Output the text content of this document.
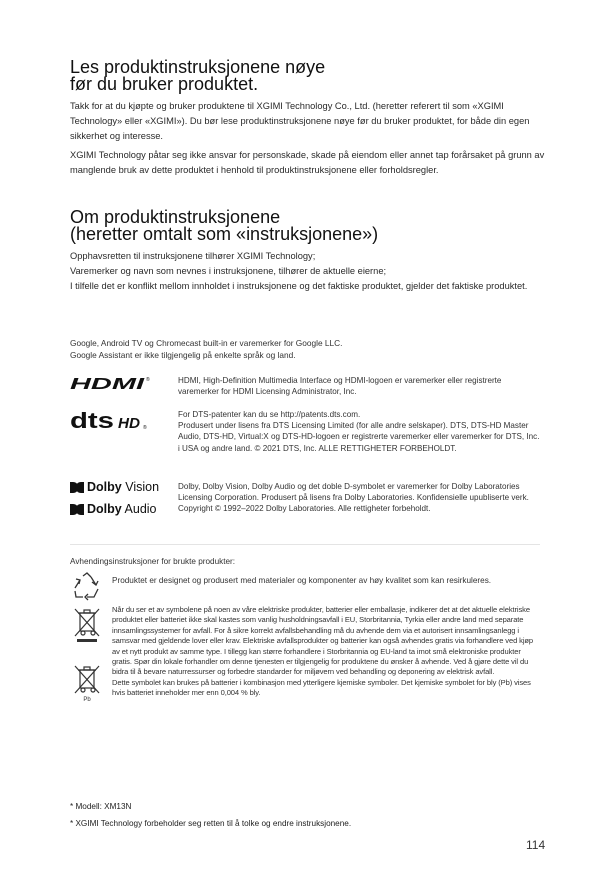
Les produktinstruksjonene nøye
før du bruker produktet.

Takk for at du kjøpte og bruker produktene til XGIMI Technology Co., Ltd. (heretter referert til som «XGIMI Technology» eller «XGIMI»). Du bør lese produktinstruksjonene nøye før du bruker produktet, for både din egen sikkerhet og interesse.

XGIMI Technology påtar seg ikke ansvar for personskade, skade på eiendom eller annet tap forårsaket på grunn av manglende bruk av dette produktet i henhold til produktinstruksjonene eller forholdsregler.

Om produktinstruksjonene
(heretter omtalt som «instruksjonene»)

Opphavsretten til instruksjonene tilhører XGIMI Technology;
Varemerker og navn som nevnes i instruksjonene, tilhører de aktuelle eierne;
I tilfelle det er konflikt mellom innholdet i instruksjonene og det faktiske produktet, gjelder det faktiske produktet.

Google, Android TV og Chromecast built-in er varemerker for Google LLC.
Google Assistant er ikke tilgjengelig på enkelte språk og land.
HDMI ®	HDMI, High-Definition Multimedia Interface og HDMI-logoen er varemerker eller registrerte varemerker for HDMI Licensing Administrator, Inc.
dts HD ®
For DTS-patenter kan du se http://patents.dts.com.
Produsert under lisens fra DTS Licensing Limited (for alle andre selskaper). DTS, DTS-HD Master Audio, DTS-HD, Virtual:X og DTS-HD-logoen er registrerte varemerker eller varemerker for DTS, Inc. i USA og andre land. © 2021 DTS, Inc. ALLE RETTIGHETER FORBEHOLDT.
Dolby Vision
Dolby Audio
Dolby, Dolby Vision, Dolby Audio og det doble D-symbolet er varemerker for Dolby Laboratories Licensing Corporation. Produsert på lisens fra Dolby Laboratories. Konfidensielle upubliserte verk. Copyright © 1992–2022 Dolby Laboratories. Alle rettigheter forbeholdt.
Avhendingsinstruksjoner for brukte produkter:
Produktet er designet og produsert med materialer og komponenter av høy kvalitet som kan resirkuleres.
Pb
Når du ser et av symbolene på noen av våre elektriske produkter, batterier eller emballasje, indikerer det at det aktuelle elektriske produktet eller batteriet ikke skal kastes som vanlig husholdningsavfall i EU, Storbritannia, Tyrkia eller andre land med separate innsamlingssystemer for avfall. For å sikre korrekt avfallsbehandling må du avhende dem via et autorisert innsamlingsanlegg i samsvar med gjeldende lover eller krav. Elektriske avfallsprodukter og batterier kan også avhendes gratis via forhandlere ved kjøp av et nytt produkt av samme type. I tillegg kan større forhandlere i Storbritannia og EU-land ta imot små elektroniske produkter gratis. Spør din lokale forhandler om denne tjenesten er tilgjengelig for produktene du ønsker å avhende. Ved å gjøre dette vil du bidra til å bevare naturressurser og forbedre standarder for miljøvern ved behandling og deponering av elektrisk avfall.
Dette symbolet kan brukes på batterier i kombinasjon med ytterligere kjemiske symboler. Det kjemiske symbolet for bly (Pb) vises hvis batteriet inneholder mer enn 0,004 % bly.
* Modell: XM13N
* XGIMI Technology forbeholder seg retten til å tolke og endre instruksjonene.
114
